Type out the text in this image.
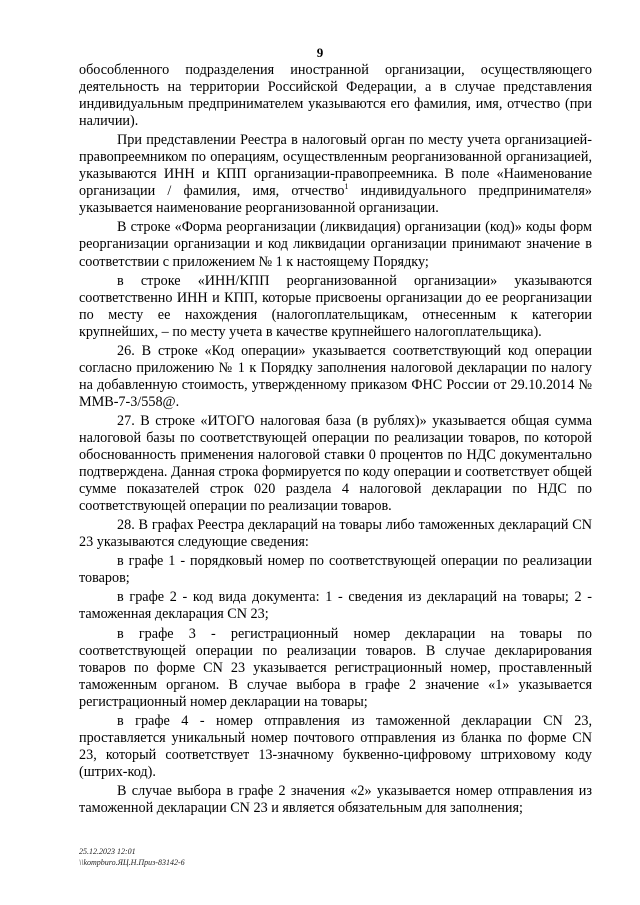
9

обособленного подразделения иностранной организации, осуществляющего деятельность на территории Российской Федерации, а в случае представления индивидуальным предпринимателем указываются его фамилия, имя, отчество (при наличии).

При представлении Реестра в налоговый орган по месту учета организацией-правопреемником по операциям, осуществленным реорганизованной организацией, указываются ИНН и КПП организации-правопреемника. В поле «Наименование организации / фамилия, имя, отчество$^1$ индивидуального предпринимателя» указывается наименование реорганизованной организации.

В строке «Форма реорганизации (ликвидация) организации (код)» коды форм реорганизации организации и код ликвидации организации принимают значение в соответствии с приложением № 1 к настоящему Порядку;

в строке «ИНН/КПП реорганизованной организации» указываются соответственно ИНН и КПП, которые присвоены организации до ее реорганизации по месту ее нахождения (налогоплательщикам, отнесенным к категории крупнейших, – по месту учета в качестве крупнейшего налогоплательщика).

26. В строке «Код операции» указывается соответствующий код операции согласно приложению № 1 к Порядку заполнения налоговой декларации по налогу на добавленную стоимость, утвержденному приказом ФНС России от 29.10.2014 № ММВ-7-3/558@.

27. В строке «ИТОГО налоговая база (в рублях)» указывается общая сумма налоговой базы по соответствующей операции по реализации товаров, по которой обоснованность применения налоговой ставки 0 процентов по НДС документально подтверждена. Данная строка формируется по коду операции и соответствует общей сумме показателей строк 020 раздела 4 налоговой декларации по НДС по соответствующей операции по реализации товаров.

28. В графах Реестра деклараций на товары либо таможенных деклараций CN 23 указываются следующие сведения:

в графе 1 - порядковый номер по соответствующей операции по реализации товаров;

в графе 2 - код вида документа: 1 - сведения из деклараций на товары; 2 - таможенная декларация CN 23;

в графе 3 - регистрационный номер декларации на товары по соответствующей операции по реализации товаров. В случае декларирования товаров по форме CN 23 указывается регистрационный номер, проставленный таможенным органом. В случае выбора в графе 2 значение «1» указывается регистрационный номер декларации на товары;

в графе 4 - номер отправления из таможенной декларации CN 23, проставляется уникальный номер почтового отправления из бланка по форме CN 23, который соответствует 13-значному буквенно-цифровому штриховому коду (штрих-код).

В случае выбора в графе 2 значения «2» указывается номер отправления из таможенной декларации CN 23 и является обязательным для заполнения;

25.12.2023 12:01
\\kompburo.ЯЦ.Н.Приз-83142-6
